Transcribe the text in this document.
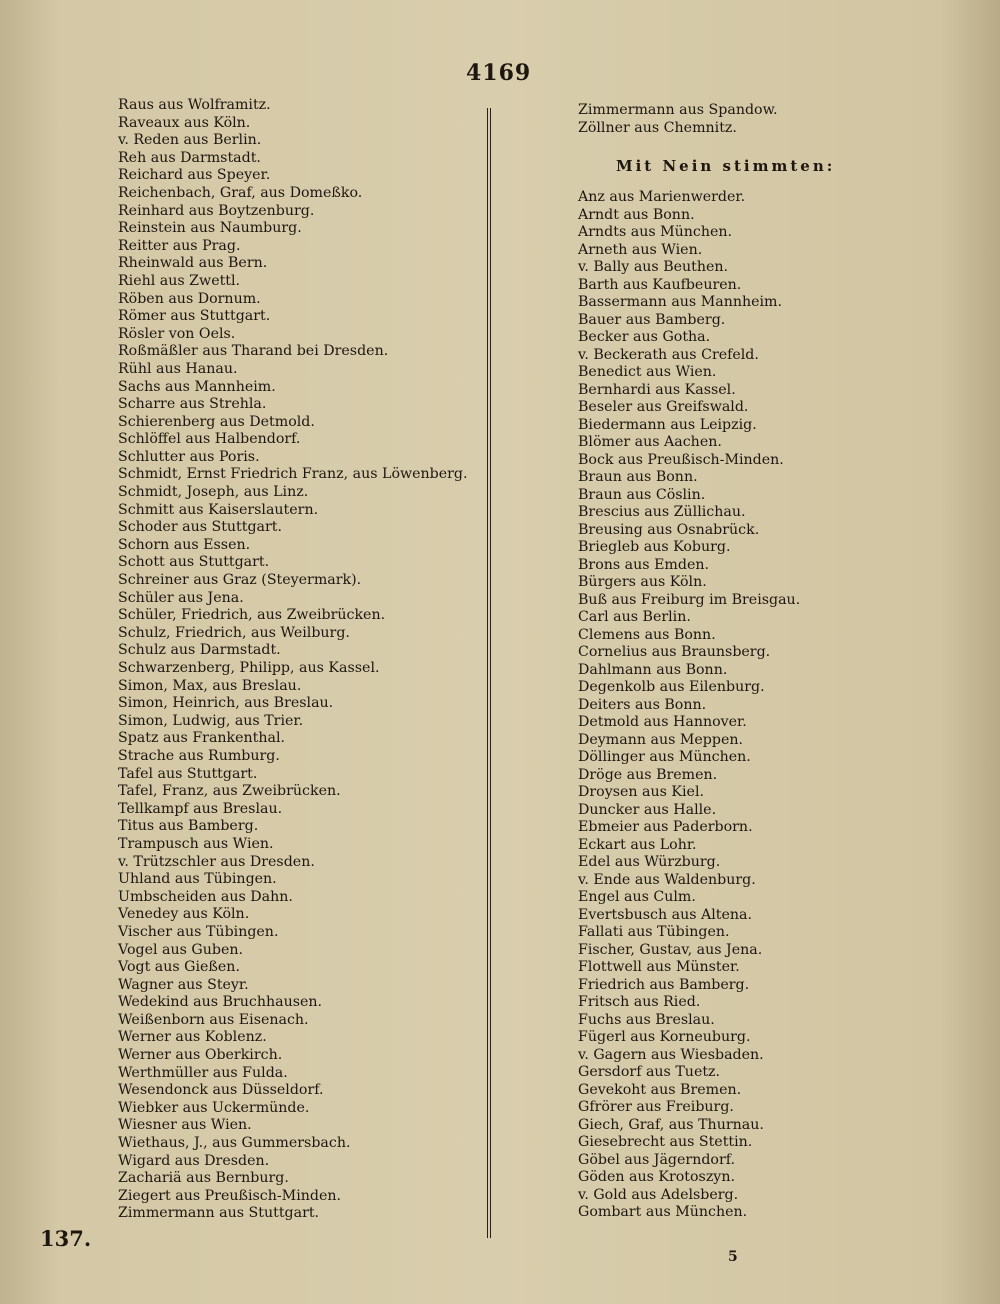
4169
Raus aus Wolframitz.
Raveaux aus Köln.
v. Reden aus Berlin.
Reh aus Darmstadt.
Reichard aus Speyer.
Reichenbach, Graf, aus Domeßko.
Reinhard aus Boytzenburg.
Reinstein aus Naumburg.
Reitter aus Prag.
Rheinwald aus Bern.
Riehl aus Zwettl.
Röben aus Dornum.
Römer aus Stuttgart.
Rösler von Oels.
Roßmäßler aus Tharand bei Dresden.
Rühl aus Hanau.
Sachs aus Mannheim.
Scharre aus Strehla.
Schierenberg aus Detmold.
Schlöffel aus Halbendorf.
Schlutter aus Poris.
Schmidt, Ernst Friedrich Franz, aus Löwenberg.
Schmidt, Joseph, aus Linz.
Schmitt aus Kaiserslautern.
Schoder aus Stuttgart.
Schorn aus Essen.
Schott aus Stuttgart.
Schreiner aus Graz (Steyermark).
Schüler aus Jena.
Schüler, Friedrich, aus Zweibrücken.
Schulz, Friedrich, aus Weilburg.
Schulz aus Darmstadt.
Schwarzenberg, Philipp, aus Kassel.
Simon, Max, aus Breslau.
Simon, Heinrich, aus Breslau.
Simon, Ludwig, aus Trier.
Spatz aus Frankenthal.
Strache aus Rumburg.
Tafel aus Stuttgart.
Tafel, Franz, aus Zweibrücken.
Tellkampf aus Breslau.
Titus aus Bamberg.
Trampusch aus Wien.
v. Trützschler aus Dresden.
Uhland aus Tübingen.
Umbscheiden aus Dahn.
Venedey aus Köln.
Vischer aus Tübingen.
Vogel aus Guben.
Vogt aus Gießen.
Wagner aus Steyr.
Wedekind aus Bruchhausen.
Weißenborn aus Eisenach.
Werner aus Koblenz.
Werner aus Oberkirch.
Werthmüller aus Fulda.
Wesendonck aus Düsseldorf.
Wiebker aus Uckermünde.
Wiesner aus Wien.
Wiethaus, J., aus Gummersbach.
Wigard aus Dresden.
Zachariä aus Bernburg.
Ziegert aus Preußisch-Minden.
Zimmermann aus Stuttgart.
Zimmermann aus Spandow.
Zöllner aus Chemnitz.
Mit Nein stimmten:
Anz aus Marienwerder.
Arndt aus Bonn.
Arndts aus München.
Arneth aus Wien.
v. Bally aus Beuthen.
Barth aus Kaufbeuren.
Bassermann aus Mannheim.
Bauer aus Bamberg.
Becker aus Gotha.
v. Beckerath aus Crefeld.
Benedict aus Wien.
Bernhardi aus Kassel.
Beseler aus Greifswald.
Biedermann aus Leipzig.
Blömer aus Aachen.
Bock aus Preußisch-Minden.
Braun aus Bonn.
Braun aus Cöslin.
Brescius aus Züllichau.
Breusing aus Osnabrück.
Briegleb aus Koburg.
Brons aus Emden.
Bürgers aus Köln.
Buß aus Freiburg im Breisgau.
Carl aus Berlin.
Clemens aus Bonn.
Cornelius aus Braunsberg.
Dahlmann aus Bonn.
Degenkolb aus Eilenburg.
Deiters aus Bonn.
Detmold aus Hannover.
Deymann aus Meppen.
Döllinger aus München.
Dröge aus Bremen.
Droysen aus Kiel.
Duncker aus Halle.
Ebmeier aus Paderborn.
Eckart aus Lohr.
Edel aus Würzburg.
v. Ende aus Waldenburg.
Engel aus Culm.
Evertsbusch aus Altena.
Fallati aus Tübingen.
Fischer, Gustav, aus Jena.
Flottwell aus Münster.
Friedrich aus Bamberg.
Fritsch aus Ried.
Fuchs aus Breslau.
Fügerl aus Korneuburg.
v. Gagern aus Wiesbaden.
Gersdorf aus Tuetz.
Gevekoht aus Bremen.
Gfrörer aus Freiburg.
Giech, Graf, aus Thurnau.
Giesebrecht aus Stettin.
Göbel aus Jägerndorf.
Göden aus Krotoszyn.
v. Gold aus Adelsberg.
Gombart aus München.
137.
5
